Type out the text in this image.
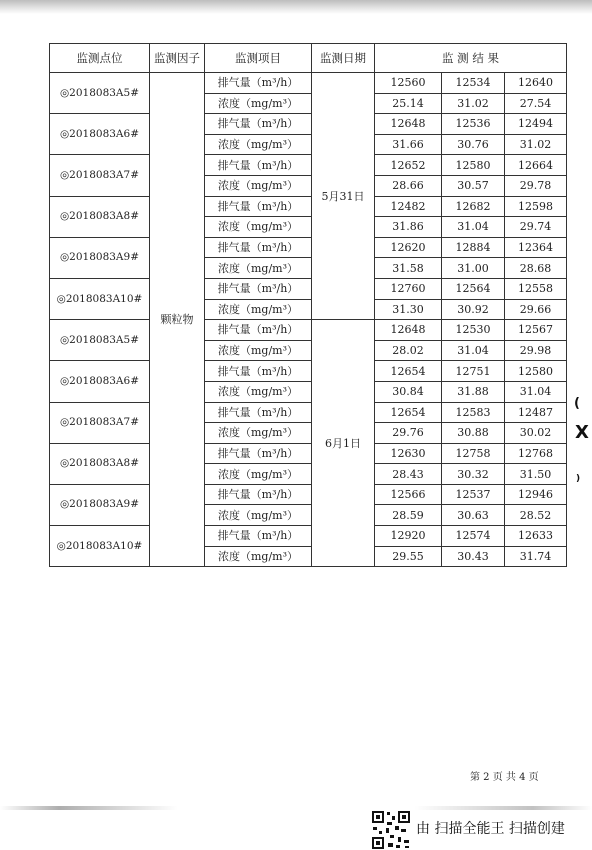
监测点位	监测因子	监测项目	监测日期	监 测 结 果		
◎2018083A5#	颗粒物	排气量（m³/h）	5月31日	12560	12534	12640
		浓度（mg/m³）		25.14	31.02	27.54
◎2018083A6#		排气量（m³/h）		12648	12536	12494
		浓度（mg/m³）		31.66	30.76	31.02
◎2018083A7#		排气量（m³/h）		12652	12580	12664
		浓度（mg/m³）		28.66	30.57	29.78
◎2018083A8#		排气量（m³/h）		12482	12682	12598
		浓度（mg/m³）		31.86	31.04	29.74
◎2018083A9#		排气量（m³/h）		12620	12884	12364
		浓度（mg/m³）		31.58	31.00	28.68
◎2018083A10#		排气量（m³/h）		12760	12564	12558
		浓度（mg/m³）		31.30	30.92	29.66
◎2018083A5#		排气量（m³/h）	6月1日	12648	12530	12567
		浓度（mg/m³）		28.02	31.04	29.98
◎2018083A6#		排气量（m³/h）		12654	12751	12580
		浓度（mg/m³）		30.84	31.88	31.04
◎2018083A7#		排气量（m³/h）		12654	12583	12487
		浓度（mg/m³）		29.76	30.88	30.02
◎2018083A8#		排气量（m³/h）		12630	12758	12768
		浓度（mg/m³）		28.43	30.32	31.50
◎2018083A9#		排气量（m³/h）		12566	12537	12946
		浓度（mg/m³）		28.59	30.63	28.52
◎2018083A10#		排气量（m³/h）		12920	12574	12633
		浓度（mg/m³）		29.55	30.43	31.74
(
X
)
第 2 页 共 4 页
由 扫描全能王 扫描创建
